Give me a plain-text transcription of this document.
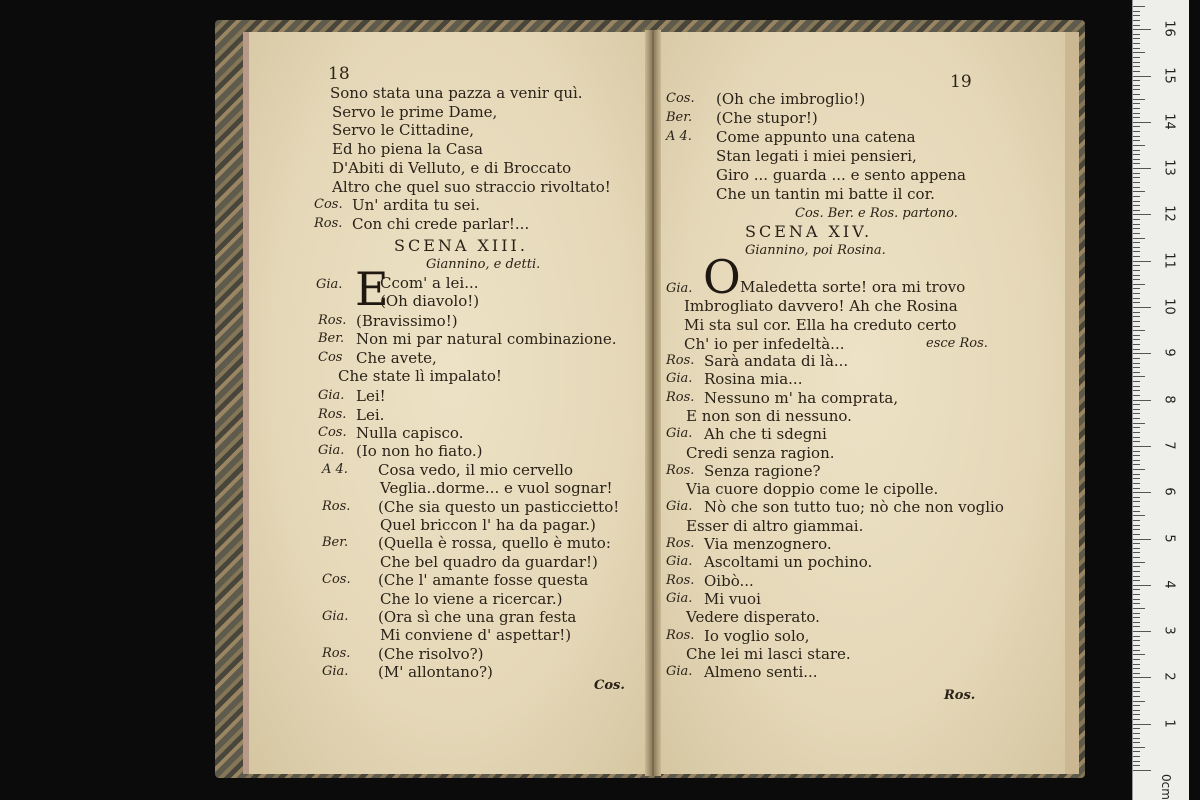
18	19
Sono stata una pazza a venir quì.
Servo le prime Dame,
Servo le Cittadine,
Ed ho piena la Casa
D'Abiti di Velluto, e di Broccato
Altro che quel suo straccio rivoltato!
Cos. Un' ardita tu sei.
Ros. Con chi crede parlar!...
SCENA XIII.
Giannino, e detti.
Gia. E
Ccom' a lei...
(Oh diavolo!)
Ros. (Bravissimo!)
Ber. Non mi par natural combinazione.
Cos Che avete,
Che state lì impalato!
Gia. Lei!
Ros. Lei.
Cos. Nulla capisco.
Gia. (Io non ho fiato.)
A 4. Cosa vedo, il mio cervello
Veglia..dorme... e vuol sognar!
Ros. (Che sia questo un pasticcietto!
Quel briccon l' ha da pagar.)
Ber. (Quella è rossa, quello è muto:
Che bel quadro da guardar!)
Cos. (Che l' amante fosse questa
Che lo viene a ricercar.)
Gia. (Ora sì che una gran festa
Mi conviene d' aspettar!)
Ros. (Che risolvo?)
Gia. (M' allontano?)
Cos.
Cos. (Oh che imbroglio!)
Ber. (Che stupor!)
A 4. Come appunto una catena
Stan legati i miei pensieri,
Giro ... guarda ... e sento appena
Che un tantin mi batte il cor.
Cos. Ber. e Ros. partono.
SCENA XIV.
Giannino, poi Rosina.
Gia. O Maledetta sorte! ora mi trovo
Imbrogliato davvero! Ah che Rosina
Mi sta sul cor. Ella ha creduto certo
Ch' io per infedeltà...	esce Ros.
Ros. Sarà andata di là...
Gia. Rosina mia...
Ros. Nessuno m' ha comprata,
E non son di nessuno.
Gia. Ah che ti sdegni
Credi senza ragion.
Ros. Senza ragione?
Via cuore doppio come le cipolle.
Gia. Nò che son tutto tuo; nò che non voglio
Esser di altro giammai.
Ros. Via menzognero.
Gia. Ascoltami un pochino.
Ros. Oibò...
Gia. Mi vuoi
Vedere disperato.
Ros. Io voglio solo,
Che lei mi lasci stare.
Gia. Almeno senti...
Ros.
1
2
3
4
5
6
7
8
9
10
11
12
13
14
15
16
0cm
